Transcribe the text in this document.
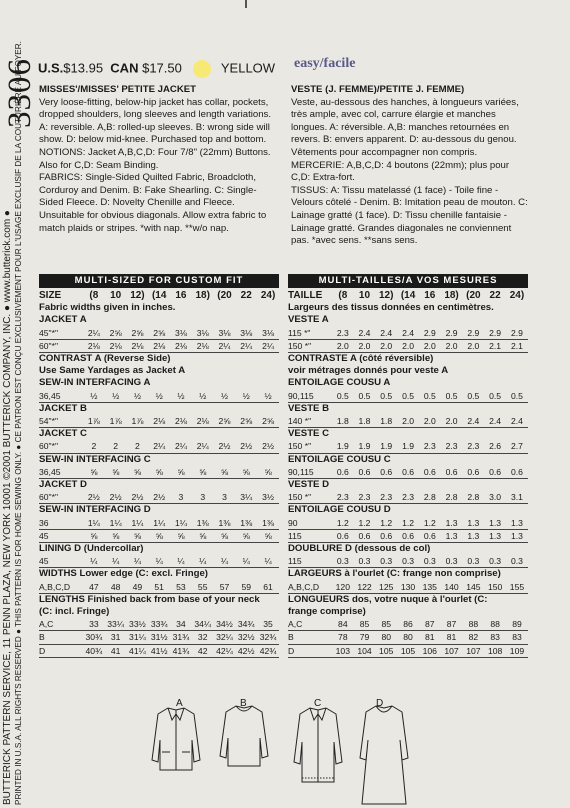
3306
BUTTERICK PATTERN SERVICE, 11 PENN PLAZA, NEW YORK 10001 ©2001 BUTTERICK COMPANY, INC. ● www.butterick.com ● PRINTED IN U.S.A. ALL RIGHTS RESERVED ● THIS PATTERN IS FOR HOME SEWING ONLY. ● CE PATRON EST CONÇU EXCLUSIVEMENT POUR L'USAGE EXCLUSIF DE LA COUTURIÈRE AU FOYER. U.S.$13.95 CAN $17.50	YELLOW easy/facile
MISSES'/MISSES' PETITE JACKET
Very loose-fitting, below-hip jacket has collar, pockets,
dropped shoulders, long sleeves and length variations.
A: reversible. A,B: rolled-up sleeves. B: wrong side will
show. D: below mid-knee. Purchased top and bottom.
NOTIONS: Jacket A,B,C,D: Four 7/8" (22mm) Buttons.
Also for C,D: Seam Binding.
FABRICS: Single-Sided Quilted Fabric, Broadcloth,
Corduroy and Denim. B: Fake Shearling. C: Single-
Sided Fleece. D: Novelty Chenille and Fleece.
Unsuitable for obvious diagonals. Allow extra fabric to
match plaids or stripes. *with nap. **w/o nap.
VESTE (J. FEMME)/PETITE J. FEMME)
Veste, au-dessous des hanches, à longueurs variées,
très ample, avec col, carrure élargie et manches
longues. A: réversible. A,B: manches retournées en
revers. B: envers apparent. D: au-dessous du genou.
Vêtements pour accompagner non compris.
MERCERIE: A,B,C,D: 4 boutons (22mm); plus pour
C,D: Extra-fort.
TISSUS: A: Tissu matelassé (1 face) - Toile fine -
Velours côtelé - Denim. B: Imitation peau de mouton. C:
Lainage gratté (1 face). D: Tissu chenille fantaisie -
Lainage gratté. Grandes diagonales ne conviennent
pas. *avec sens. **sans sens.
MULTI-SIZED FOR CUSTOM FIT	MULTI-TAILLES/A VOS MESURES
SIZE	(8	10	12)	(14	16	18)	(20	22	24)
Fabric widths given in inches.									
JACKET A									
45"*"	2¼	2⅝	2⅝	2⅝	3⅛	3⅛	3⅛	3⅛	3⅛
60"*"	2⅛	2⅛	2⅛	2⅛	2⅛	2⅛	2¼	2¼	2¼
CONTRAST A (Reverse Side)									
Use Same Yardages as Jacket A									
SEW-IN INTERFACING A									
36,45	½	½	½	½	½	½	½	½	½
JACKET B									
54"*"	1⅞	1⅞	1⅞	2⅛	2⅛	2⅛	2⅝	2⅝	2⅝
JACKET C									
60"*"	2	2	2	2¼	2¼	2¼	2½	2½	2½
SEW-IN INTERFACING C									
36,45	⅝	⅝	⅝	⅝	⅝	⅝	⅝	⅝	⅝
JACKET D									
60"*"	2½	2½	2½	2½	3	3	3	3¼	3½
SEW-IN INTERFACING D									
36	1¼	1¼	1¼	1¼	1¼	1⅜	1⅜	1⅜	1⅜
45	⅝	⅝	⅝	⅝	⅝	⅝	⅝	⅝	⅝
LINING D (Undercollar)									
45	¼	¼	¼	¼	¼	¼	¼	¼	¼
WIDTHS Lower edge (C: excl. Fringe)									
A,B,C,D	47	48	49	51	53	55	57	59	61
LENGTHS Finished back from base of your neck									
(C: incl. Fringe)									
A,C	33	33¼	33½	33¾	34	34¼	34½	34¾	35
B	30¾	31	31¼	31½	31¾	32	32¼	32½	32¾
D	40¾	41	41¼	41½	41¾	42	42¼	42½	42¾
TAILLE	(8	10	12)	(14	16	18)	(20	22	24)
Largeurs des tissus données en centimètres.									
VESTE A									
115 *"	2.3	2.4	2.4	2.4	2.9	2.9	2.9	2.9	2.9
150 *"	2.0	2.0	2.0	2.0	2.0	2.0	2.0	2.1	2.1
CONTRASTE A (côté réversible)									
voir métrages donnés pour veste A									
ENTOILAGE COUSU A									
90,115	0.5	0.5	0.5	0.5	0.5	0.5	0.5	0.5	0.5
VESTE B									
140 *"	1.8	1.8	1.8	2.0	2.0	2.0	2.4	2.4	2.4
VESTE C									
150 *"	1.9	1.9	1.9	1.9	2.3	2.3	2.3	2.6	2.7
ENTOILAGE COUSU C									
90,115	0.6	0.6	0.6	0.6	0.6	0.6	0.6	0.6	0.6
VESTE D									
150 *"	2.3	2.3	2.3	2.3	2.8	2.8	2.8	3.0	3.1
ENTOILAGE COUSU D									
90	1.2	1.2	1.2	1.2	1.2	1.3	1.3	1.3	1.3
115	0.6	0.6	0.6	0.6	0.6	1.3	1.3	1.3	1.3
DOUBLURE D (dessous de col)									
115	0.3	0.3	0.3	0.3	0.3	0.3	0.3	0.3	0.3
LARGEURS à l'ourlet (C: frange non comprise)									
A,B,C,D	120	122	125	130	135	140	145	150	155
LONGUEURS dos, votre nuque à l'ourlet (C:									
frange comprise)									
A,C	84	85	85	86	87	87	88	88	89
B	78	79	80	80	81	81	82	83	83
D	103	104	105	105	106	107	107	108	109
A	B	C	D
